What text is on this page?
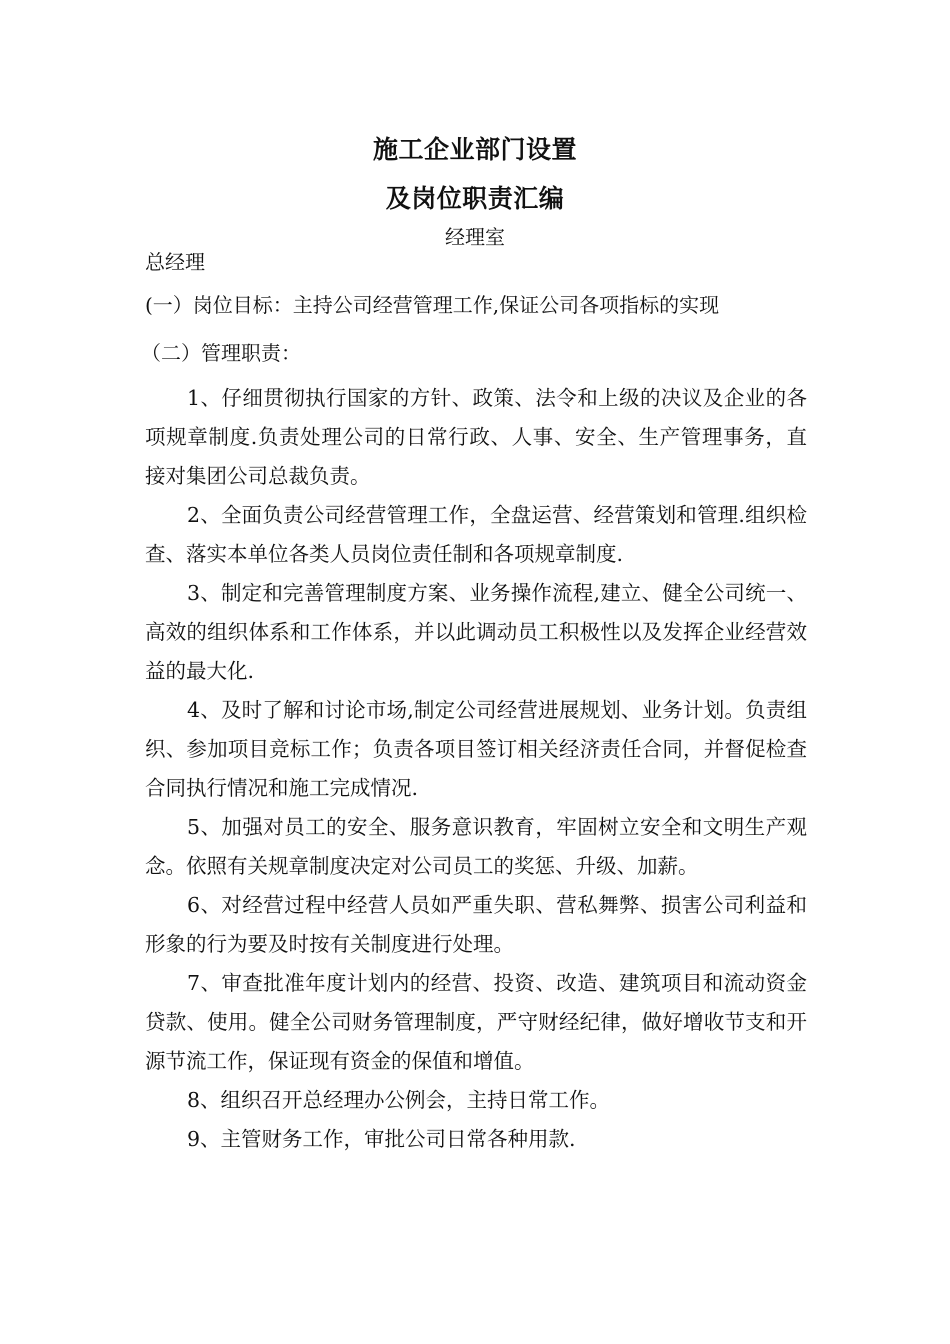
施工企业部门设置
及岗位职责汇编
经理室
总经理
(一）岗位目标：主持公司经营管理工作,保证公司各项指标的实现
（二）管理职责：

1、仔细贯彻执行国家的方针、政策、法令和上级的决议及企业的各项规章制度.负责处理公司的日常行政、人事、安全、生产管理事务，直接对集团公司总裁负责。

2、全面负责公司经营管理工作，全盘运营、经营策划和管理.组织检查、落实本单位各类人员岗位责任制和各项规章制度.

3、制定和完善管理制度方案、业务操作流程,建立、健全公司统一、高效的组织体系和工作体系，并以此调动员工积极性以及发挥企业经营效益的最大化.

4、及时了解和讨论市场,制定公司经营进展规划、业务计划。负责组织、参加项目竞标工作；负责各项目签订相关经济责任合同，并督促检查合同执行情况和施工完成情况.

5、加强对员工的安全、服务意识教育，牢固树立安全和文明生产观念。依照有关规章制度决定对公司员工的奖惩、升级、加薪。

6、对经营过程中经营人员如严重失职、营私舞弊、损害公司利益和形象的行为要及时按有关制度进行处理。

7、审查批准年度计划内的经营、投资、改造、建筑项目和流动资金贷款、使用。健全公司财务管理制度，严守财经纪律，做好增收节支和开源节流工作，保证现有资金的保值和增值。

8、组织召开总经理办公例会，主持日常工作。

9、主管财务工作，审批公司日常各种用款.
